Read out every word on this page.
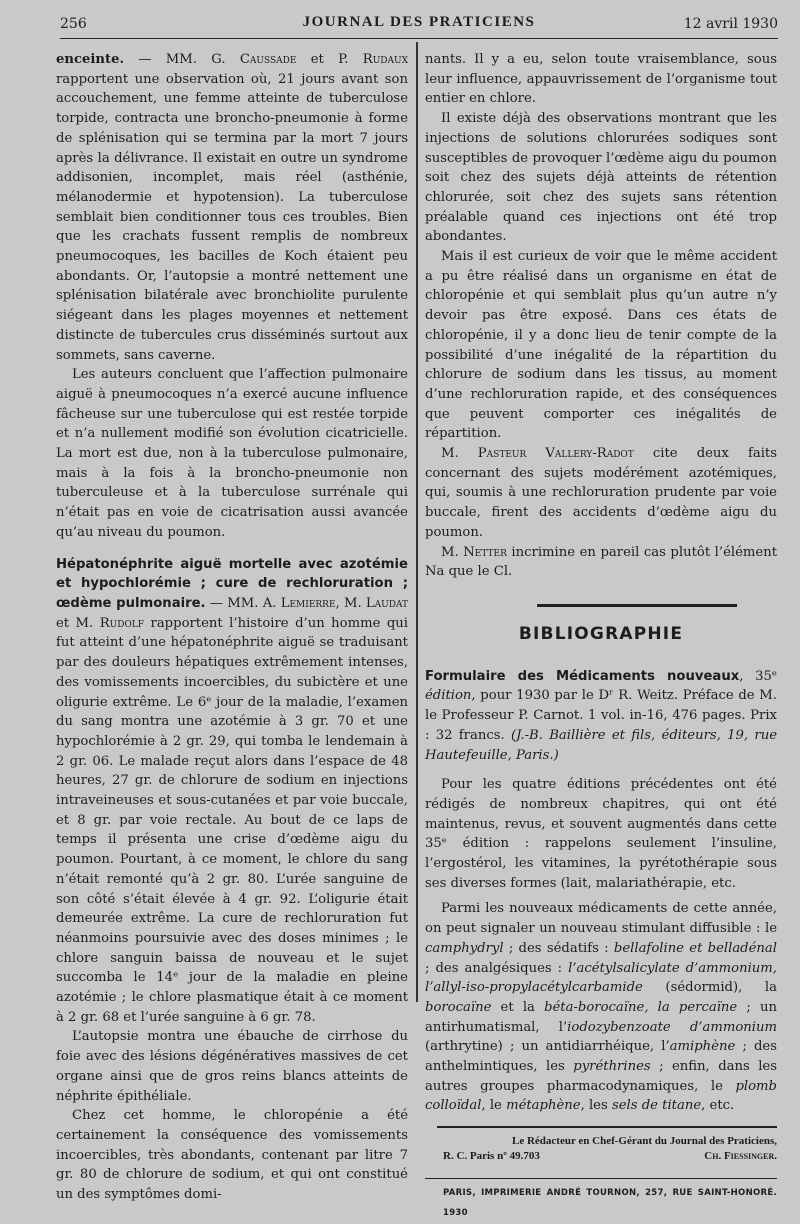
256	JOURNAL DES PRATICIENS	12 avril 1930

enceinte. — MM. G. Caussade et P. Rudaux rapportent une observation où, 21 jours avant son accouchement, une femme atteinte de tuberculose torpide, contracta une broncho-pneumonie à forme de splénisation qui se termina par la mort 7 jours après la délivrance. Il existait en outre un syndrome addisonien, incomplet, mais réel (asthénie, mélanodermie et hypotension). La tuberculose semblait bien conditionner tous ces troubles. Bien que les crachats fussent remplis de nombreux pneumocoques, les bacilles de Koch étaient peu abondants. Or, l’autopsie a montré nettement une splénisation bilatérale avec bronchiolite purulente siégeant dans les plages moyennes et nettement distincte de tubercules crus disséminés surtout aux sommets, sans caverne.

Les auteurs concluent que l’affection pulmonaire aiguë à pneumocoques n’a exercé aucune influence fâcheuse sur une tuberculose qui est restée torpide et n’a nullement modifié son évolution cicatricielle. La mort est due, non à la tuberculose pulmonaire, mais à la fois à la broncho-pneumonie non tuberculeuse et à la tuberculose surrénale qui n’était pas en voie de cicatrisation aussi avancée qu’au niveau du poumon.

Hépatonéphrite aiguë mortelle avec azotémie et hypochlorémie ; cure de rechloruration ; œdème pulmonaire. — MM. A. Lemierre, M. Laudat et M. Rudolf rapportent l’histoire d’un homme qui fut atteint d’une hépatonéphrite aiguë se traduisant par des douleurs hépatiques extrêmement intenses, des vomissements incoercibles, du subictère et une oligurie extrême. Le 6ᵉ jour de la maladie, l’examen du sang montra une azotémie à 3 gr. 70 et une hypochlorémie à 2 gr. 29, qui tomba le lendemain à 2 gr. 06. Le malade reçut alors dans l’espace de 48 heures, 27 gr. de chlorure de sodium en injections intraveineuses et sous-cutanées et par voie buccale, et 8 gr. par voie rectale. Au bout de ce laps de temps il présenta une crise d’œdème aigu du poumon. Pourtant, à ce moment, le chlore du sang n’était remonté qu’à 2 gr. 80. L’urée sanguine de son côté s’était élevée à 4 gr. 92. L’oligurie était demeurée extrême. La cure de rechloruration fut néanmoins poursuivie avec des doses minimes ; le chlore sanguin baissa de nouveau et le sujet succomba le 14ᵉ jour de la maladie en pleine azotémie ; le chlore plasmatique était à ce moment à 2 gr. 68 et l’urée sanguine à 6 gr. 78.

L’autopsie montra une ébauche de cirrhose du foie avec des lésions dégénératives massives de cet organe ainsi que de gros reins blancs atteints de néphrite épithéliale.

Chez cet homme, le chloropénie a été certainement la conséquence des vomissements incoercibles, très abondants, contenant par litre 7 gr. 80 de chlorure de sodium, et qui ont constitué un des symptômes domi-

nants. Il y a eu, selon toute vraisemblance, sous leur influence, appauvrissement de l’organisme tout entier en chlore.

Il existe déjà des observations montrant que les injections de solutions chlorurées sodiques sont susceptibles de provoquer l’œdème aigu du poumon soit chez des sujets déjà atteints de rétention chlorurée, soit chez des sujets sans rétention préalable quand ces injections ont été trop abondantes.

Mais il est curieux de voir que le même accident a pu être réalisé dans un organisme en état de chloropénie et qui semblait plus qu’un autre n’y devoir pas être exposé. Dans ces états de chloropénie, il y a donc lieu de tenir compte de la possibilité d’une inégalité de la répartition du chlorure de sodium dans les tissus, au moment d’une rechloruration rapide, et des conséquences que peuvent comporter ces inégalités de répartition.

M. Pasteur Vallery-Radot cite deux faits concernant des sujets modérément azotémiques, qui, soumis à une rechloruration prudente par voie buccale, firent des accidents d’œdème aigu du poumon.

M. Netter incrimine en pareil cas plutôt l’élément Na que le Cl.

BIBLIOGRAPHIE

Formulaire des Médicaments nouveaux, 35ᵉ édition, pour 1930 par le Dʳ R. Weitz. Préface de M. le Professeur P. Carnot. 1 vol. in-16, 476 pages. Prix : 32 francs. (J.-B. Baillière et fils, éditeurs, 19, rue Hautefeuille, Paris.)

Pour les quatre éditions précédentes ont été rédigés de nombreux chapitres, qui ont été maintenus, revus, et souvent augmentés dans cette 35ᵉ édition : rappelons seulement l’insuline, l’ergostérol, les vitamines, la pyrétothérapie sous ses diverses formes (lait, malariathérapie, etc.

Parmi les nouveaux médicaments de cette année, on peut signaler un nouveau stimulant diffusible : le camphydryl ; des sédatifs : bellafoline et belladénal ; des analgésiques : l’acétylsalicylate d’ammonium, l’allyl-iso-propylacétylcarbamide (sédormid), la borocaïne et la béta-borocaïne, la percaïne ; un antirhumatismal, l’iodozybenzoate d’ammonium (arthrytine) ; un antidiarrhéique, l’amiphène ; des anthelmintiques, les pyréthrines ; enfin, dans les autres groupes pharmacodynamiques, le plomb colloïdal, le métaphène, les sels de titane, etc.

Le Rédacteur en Chef-Gérant du Journal des Praticiens,
R. C. Paris nº 49.703	Ch. Fiessinger.
PARIS, IMPRIMERIE ANDRÉ TOURNON, 257, RUE SAINT-HONORÉ. 1930
